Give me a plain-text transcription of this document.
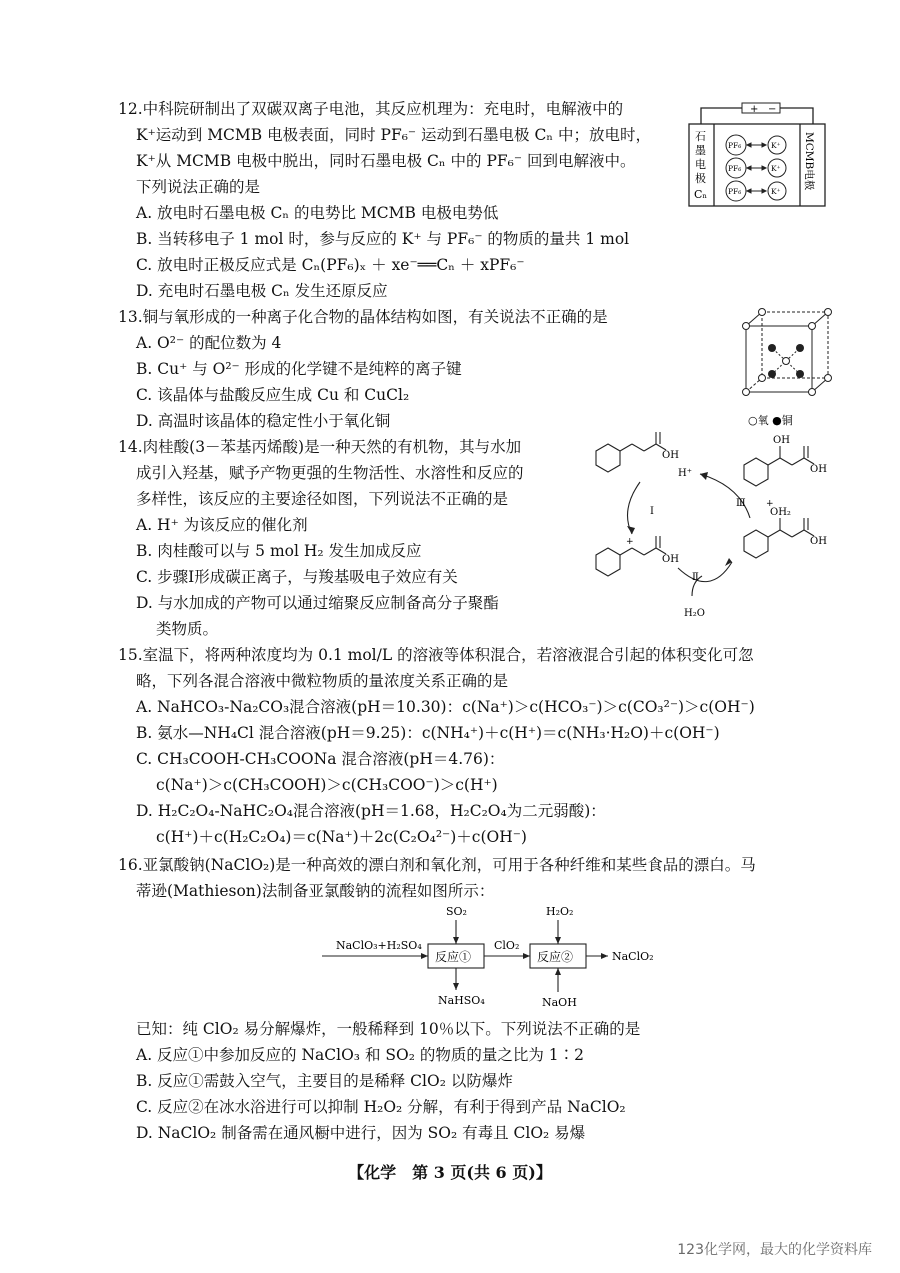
12.中科院研制出了双碳双离子电池，其反应机理为：充电时，电解液中的
K⁺运动到 MCMB 电极表面，同时 PF₆⁻ 运动到石墨电极 Cₙ 中；放电时，
K⁺从 MCMB 电极中脱出，同时石墨电极 Cₙ 中的 PF₆⁻ 回到电解液中。
下列说法正确的是
A. 放电时石墨电极 Cₙ 的电势比 MCMB 电极电势低
B. 当转移电子 1 mol 时，参与反应的 K⁺ 与 PF₆⁻ 的物质的量共 1 mol
C. 放电时正极反应式是 Cₙ(PF₆)ₓ ＋ xe⁻══Cₙ ＋ xPF₆⁻
D. 充电时石墨电极 Cₙ 发生还原反应
+ −
石
墨
电
极
Cₙ
MCMB电极
PF₆
PF₆
PF₆
K⁺
K⁺
K⁺
13.铜与氧形成的一种离子化合物的晶体结构如图，有关说法不正确的是
A. O²⁻ 的配位数为 4
B. Cu⁺ 与 O²⁻ 形成的化学键不是纯粹的离子键
C. 该晶体与盐酸反应生成 Cu 和 CuCl₂
D. 高温时该晶体的稳定性小于氧化铜	○氧 ●铜
14.肉桂酸(3－苯基丙烯酸)是一种天然的有机物，其与水加
成引入羟基，赋予产物更强的生物活性、水溶性和反应的
多样性，该反应的主要途径如图，下列说法不正确的是
A. H⁺ 为该反应的催化剂
B. 肉桂酸可以与 5 mol H₂ 发生加成反应
C. 步骤Ⅰ形成碳正离子，与羧基吸电子效应有关
D. 与水加成的产物可以通过缩聚反应制备高分子聚酯
类物质。
OH
OH
OH
OH
OH
OH₂
+
+
H⁺
Ⅰ
Ⅱ
Ⅲ
H₂O
15.室温下，将两种浓度均为 0.1 mol/L 的溶液等体积混合，若溶液混合引起的体积变化可忽
略，下列各混合溶液中微粒物质的量浓度关系正确的是
A. NaHCO₃-Na₂CO₃混合溶液(pH＝10.30)：c(Na⁺)＞c(HCO₃⁻)＞c(CO₃²⁻)＞c(OH⁻)
B. 氨水—NH₄Cl 混合溶液(pH＝9.25)：c(NH₄⁺)＋c(H⁺)＝c(NH₃·H₂O)＋c(OH⁻)
C. CH₃COOH-CH₃COONa 混合溶液(pH＝4.76)：
c(Na⁺)＞c(CH₃COOH)＞c(CH₃COO⁻)＞c(H⁺)
D. H₂C₂O₄-NaHC₂O₄混合溶液(pH＝1.68，H₂C₂O₄为二元弱酸)：
c(H⁺)＋c(H₂C₂O₄)＝c(Na⁺)＋2c(C₂O₄²⁻)＋c(OH⁻)
16.亚氯酸钠(NaClO₂)是一种高效的漂白剂和氧化剂，可用于各种纤维和某些食品的漂白。马
蒂逊(Mathieson)法制备亚氯酸钠的流程如图所示：
NaClO₃+H₂SO₄
SO₂
NaHSO₄
反应①
ClO₂
H₂O₂
NaOH
反应②	NaClO₂
已知：纯 ClO₂ 易分解爆炸，一般稀释到 10％以下。下列说法不正确的是
A. 反应①中参加反应的 NaClO₃ 和 SO₂ 的物质的量之比为 1∶2
B. 反应①需鼓入空气，主要目的是稀释 ClO₂ 以防爆炸
C. 反应②在冰水浴进行可以抑制 H₂O₂ 分解，有利于得到产品 NaClO₂
D. NaClO₂ 制备需在通风橱中进行，因为 SO₂ 有毒且 ClO₂ 易爆
【化学　第 3 页(共 6 页)】
123化学网，最大的化学资料库
